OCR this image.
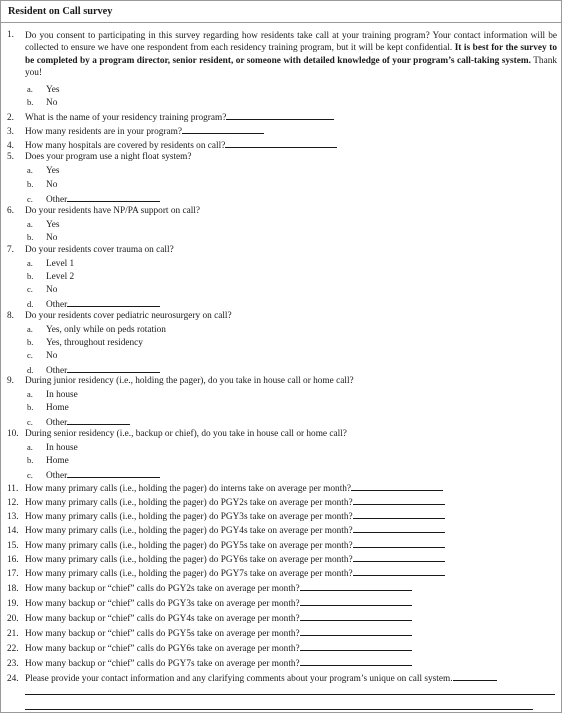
Resident on Call survey
1. Do you consent to participating in this survey regarding how residents take call at your training program? Your contact information will be collected to ensure we have one respondent from each residency training program, but it will be kept confidential. It is best for the survey to be completed by a program director, senior resident, or someone with detailed knowledge of your program’s call-taking system. Thank you!
a. Yes
b. No
2. What is the name of your residency training program?
3. How many residents are in your program?
4. How many hospitals are covered by residents on call?
5. Does your program use a night float system?
a. Yes
b. No
c. Other
6. Do your residents have NP/PA support on call?
a. Yes
b. No
7. Do your residents cover trauma on call?
a. Level 1
b. Level 2
c. No
d. Other
8. Do your residents cover pediatric neurosurgery on call?
a. Yes, only while on peds rotation
b. Yes, throughout residency
c. No
d. Other
9. During junior residency (i.e., holding the pager), do you take in house call or home call?
a. In house
b. Home
c. Other
10. During senior residency (i.e., backup or chief), do you take in house call or home call?
a. In house
b. Home
c. Other
11. How many primary calls (i.e., holding the pager) do interns take on average per month?
12. How many primary calls (i.e., holding the pager) do PGY2s take on average per month?
13. How many primary calls (i.e., holding the pager) do PGY3s take on average per month?
14. How many primary calls (i.e., holding the pager) do PGY4s take on average per month?
15. How many primary calls (i.e., holding the pager) do PGY5s take on average per month?
16. How many primary calls (i.e., holding the pager) do PGY6s take on average per month?
17. How many primary calls (i.e., holding the pager) do PGY7s take on average per month?
18. How many backup or “chief” calls do PGY2s take on average per month?
19. How many backup or “chief” calls do PGY3s take on average per month?
20. How many backup or “chief” calls do PGY4s take on average per month?
21. How many backup or “chief” calls do PGY5s take on average per month?
22. How many backup or “chief” calls do PGY6s take on average per month?
23. How many backup or “chief” calls do PGY7s take on average per month?
24. Please provide your contact information and any clarifying comments about your program’s unique on call system.
